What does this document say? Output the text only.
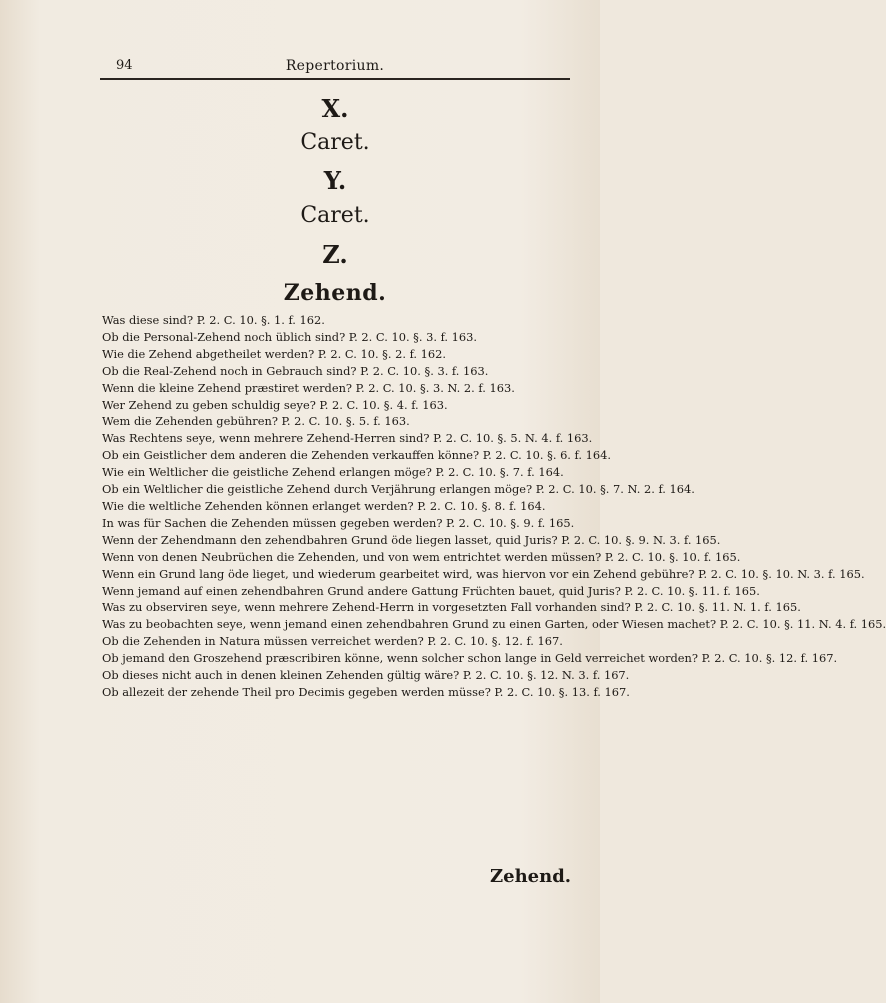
94	Repertorium.
X.
Caret.
Y.
Caret.
Z.
Zehend.
Was diese sind? P. 2. C. 10. §. 1. f. 162.
Ob die Personal-Zehend noch üblich sind? P. 2. C. 10. §. 3. f. 163.
Wie die Zehend abgetheilet werden? P. 2. C. 10. §. 2. f. 162.
Ob die Real-Zehend noch in Gebrauch sind? P. 2. C. 10. §. 3. f. 163.
Wenn die kleine Zehend præstiret werden? P. 2. C. 10. §. 3. N. 2. f. 163.
Wer Zehend zu geben schuldig seye? P. 2. C. 10. §. 4. f. 163.
Wem die Zehenden gebühren? P. 2. C. 10. §. 5. f. 163.
Was Rechtens seye, wenn mehrere Zehend-Herren sind? P. 2. C. 10. §. 5. N. 4. f. 163.
Ob ein Geistlicher dem anderen die Zehenden verkauffen könne? P. 2. C. 10. §. 6. f. 164.
Wie ein Weltlicher die geistliche Zehend erlangen möge? P. 2. C. 10. §. 7. f. 164.
Ob ein Weltlicher die geistliche Zehend durch Verjährung erlangen möge? P. 2. C. 10. §. 7. N. 2. f. 164.
Wie die weltliche Zehenden können erlanget werden? P. 2. C. 10. §. 8. f. 164.
In was für Sachen die Zehenden müssen gegeben werden? P. 2. C. 10. §. 9. f. 165.
Wenn der Zehendmann den zehendbahren Grund öde liegen lasset, quid Juris? P. 2. C. 10. §. 9. N. 3. f. 165.
Wenn von denen Neubrüchen die Zehenden, und von wem entrichtet werden müssen? P. 2. C. 10. §. 10. f. 165.
Wenn ein Grund lang öde lieget, und wiederum gearbeitet wird, was hiervon vor ein Zehend gebühre? P. 2. C. 10. §. 10. N. 3. f. 165.
Wenn jemand auf einen zehendbahren Grund andere Gattung Früchten bauet, quid Juris? P. 2. C. 10. §. 11. f. 165.
Was zu observiren seye, wenn mehrere Zehend-Herrn in vorgesetzten Fall vorhanden sind? P. 2. C. 10. §. 11. N. 1. f. 165.
Was zu beobachten seye, wenn jemand einen zehendbahren Grund zu einen Garten, oder Wiesen machet? P. 2. C. 10. §. 11. N. 4. f. 165.
Ob die Zehenden in Natura müssen verreichet werden? P. 2. C. 10. §. 12. f. 167.
Ob jemand den Groszehend præscribiren könne, wenn solcher schon lange in Geld verreichet worden? P. 2. C. 10. §. 12. f. 167.
Ob dieses nicht auch in denen kleinen Zehenden gültig wäre? P. 2. C. 10. §. 12. N. 3. f. 167.
Ob allezeit der zehende Theil pro Decimis gegeben werden müsse? P. 2. C. 10. §. 13. f. 167.
Zehend.
